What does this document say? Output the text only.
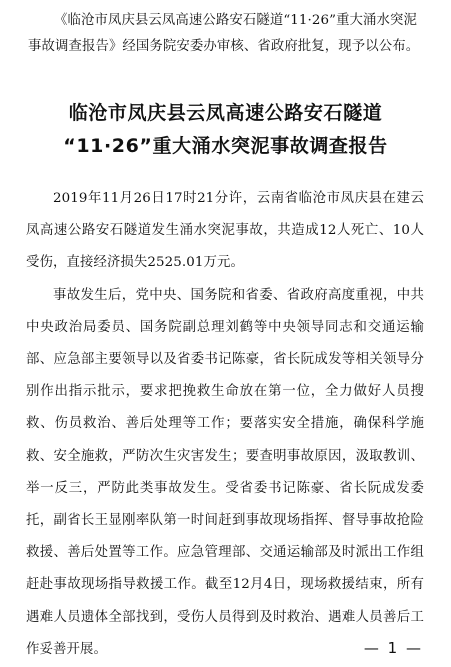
《临沧市凤庆县云凤高速公路安石隧道“11·26”重大涌水突泥事故调查报告》经国务院安委办审核、省政府批复，现予以公布。
临沧市凤庆县云凤高速公路安石隧道
“11·26”重大涌水突泥事故调查报告

2019年11月26日17时21分许，云南省临沧市凤庆县在建云凤高速公路安石隧道发生涌水突泥事故，共造成12人死亡、10人受伤，直接经济损失2525.01万元。

事故发生后，党中央、国务院和省委、省政府高度重视，中共中央政治局委员、国务院副总理刘鹤等中央领导同志和交通运输部、应急部主要领导以及省委书记陈豪，省长阮成发等相关领导分别作出指示批示，要求把挽救生命放在第一位，全力做好人员搜救、伤员救治、善后处理等工作；要落实安全措施，确保科学施救、安全施救，严防次生灾害发生；要查明事故原因，汲取教训、举一反三，严防此类事故发生。受省委书记陈豪、省长阮成发委托，副省长王显刚率队第一时间赶到事故现场指挥、督导事故抢险救援、善后处置等工作。应急管理部、交通运输部及时派出工作组赶赴事故现场指导救援工作。截至12月4日，现场救援结束，所有遇难人员遗体全部找到，受伤人员得到及时救治、遇难人员善后工作妥善开展。	— 1 —
